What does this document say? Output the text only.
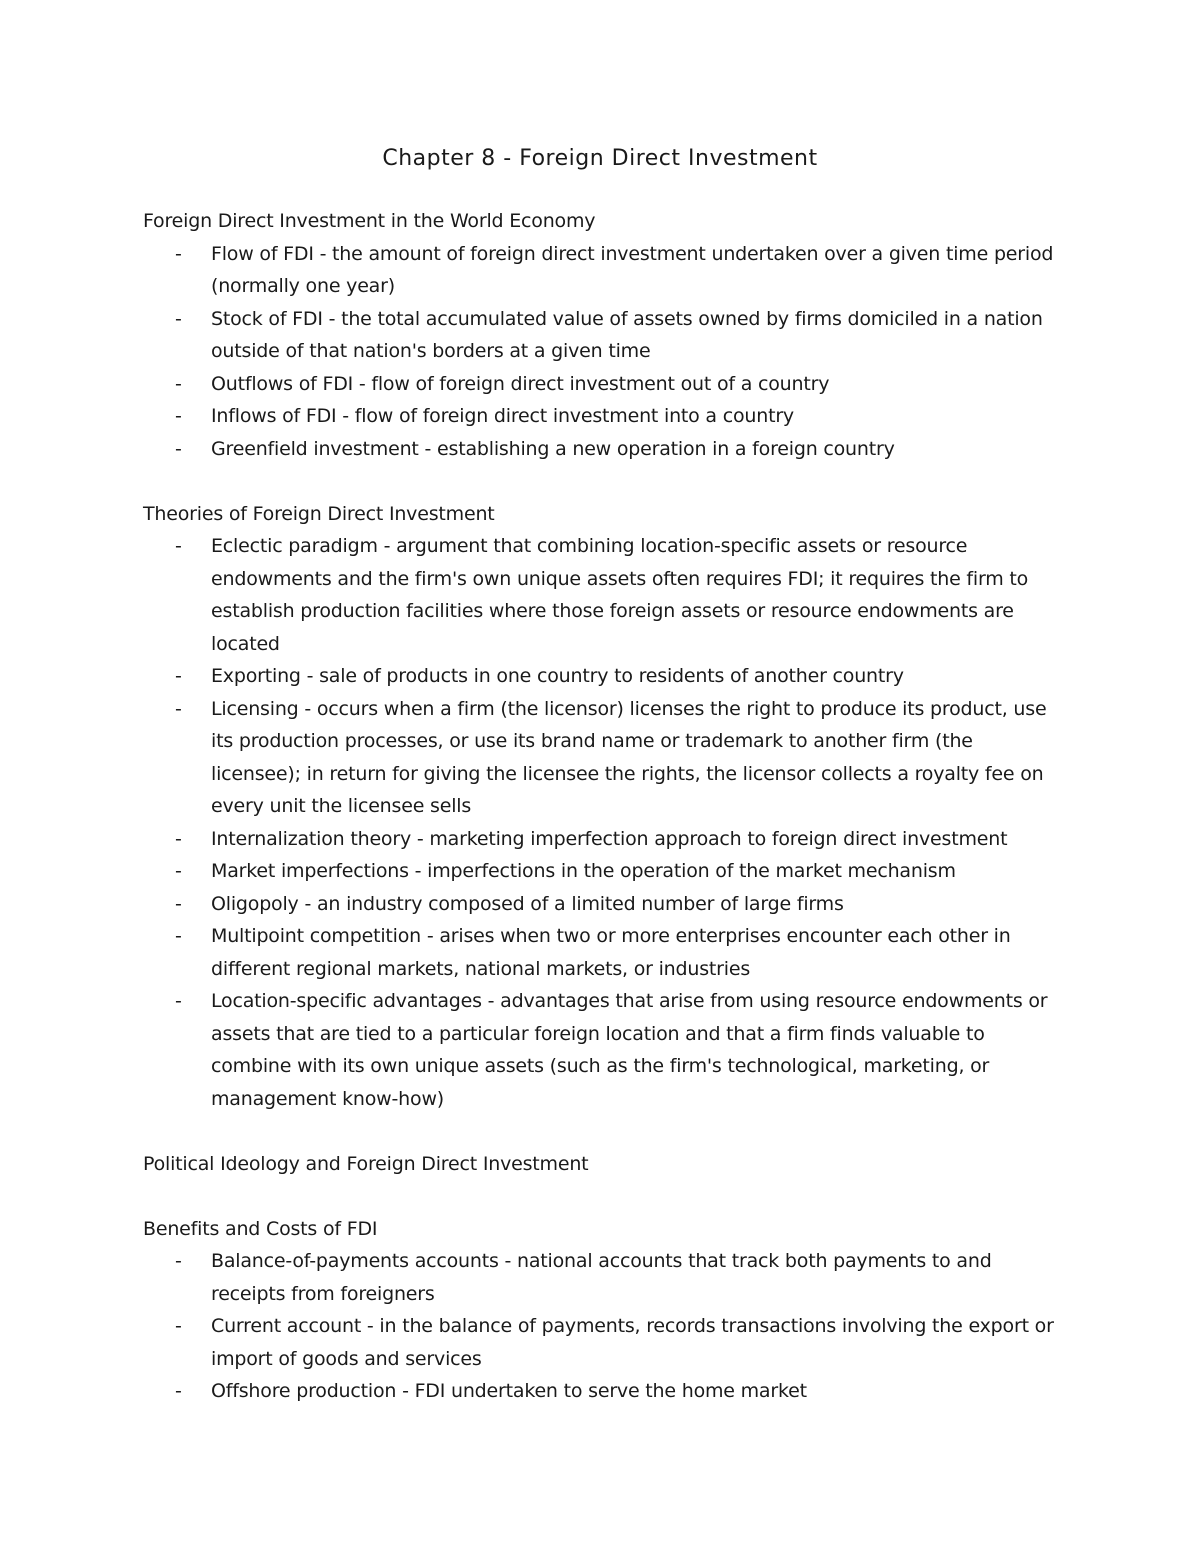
Chapter 8 - Foreign Direct Investment
Foreign Direct Investment in the World Economy
- Flow of FDI - the amount of foreign direct investment undertaken over a given time period (normally one year)
- Stock of FDI - the total accumulated value of assets owned by firms domiciled in a nation outside of that nation's borders at a given time
- Outflows of FDI - flow of foreign direct investment out of a country
- Inflows of FDI - flow of foreign direct investment into a country
- Greenfield investment - establishing a new operation in a foreign country
Theories of Foreign Direct Investment
- Eclectic paradigm - argument that combining location-specific assets or resource endowments and the firm's own unique assets often requires FDI; it requires the firm to establish production facilities where those foreign assets or resource endowments are located
- Exporting - sale of products in one country to residents of another country
- Licensing - occurs when a firm (the licensor) licenses the right to produce its product, use its production processes, or use its brand name or trademark to another firm (the licensee); in return for giving the licensee the rights, the licensor collects a royalty fee on every unit the licensee sells
- Internalization theory - marketing imperfection approach to foreign direct investment
- Market imperfections - imperfections in the operation of the market mechanism
- Oligopoly - an industry composed of a limited number of large firms
- Multipoint competition - arises when two or more enterprises encounter each other in different regional markets, national markets, or industries
- Location-specific advantages - advantages that arise from using resource endowments or assets that are tied to a particular foreign location and that a firm finds valuable to combine with its own unique assets (such as the firm's technological, marketing, or management know-how)
Political Ideology and Foreign Direct Investment
Benefits and Costs of FDI
- Balance-of-payments accounts - national accounts that track both payments to and receipts from foreigners
- Current account - in the balance of payments, records transactions involving the export or import of goods and services
- Offshore production - FDI undertaken to serve the home market
